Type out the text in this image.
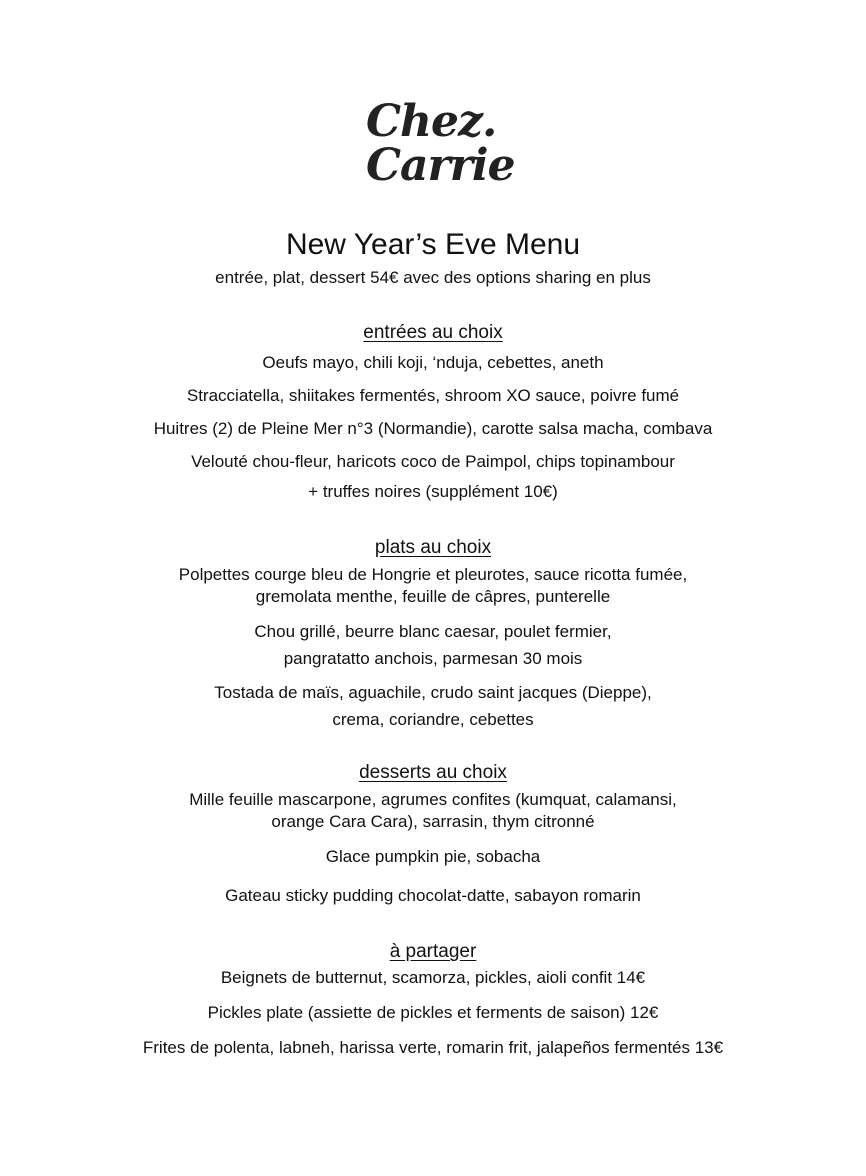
Chez.
Carrie
New Year’s Eve Menu
entrée, plat, dessert 54€ avec des options sharing en plus
entrées au choix
Oeufs mayo, chili koji, ‘nduja, cebettes, aneth
Stracciatella, shiitakes fermentés, shroom XO sauce, poivre fumé
Huitres (2) de Pleine Mer n°3 (Normandie), carotte salsa macha, combava
Velouté chou-fleur, haricots coco de Paimpol, chips topinambour
+ truffes noires (supplément 10€)
plats au choix
Polpettes courge bleu de Hongrie et pleurotes, sauce ricotta fumée,
gremolata menthe, feuille de câpres, punterelle
Chou grillé, beurre blanc caesar, poulet fermier,
pangratatto anchois, parmesan 30 mois
Tostada de maïs, aguachile, crudo saint jacques (Dieppe),
crema, coriandre, cebettes
desserts au choix
Mille feuille mascarpone, agrumes confites (kumquat, calamansi,
orange Cara Cara), sarrasin, thym citronné
Glace pumpkin pie, sobacha
Gateau sticky pudding chocolat-datte, sabayon romarin
à partager
Beignets de butternut, scamorza, pickles, aioli confit 14€
Pickles plate (assiette de pickles et ferments de saison) 12€
Frites de polenta, labneh, harissa verte, romarin frit, jalapeños fermentés 13€
